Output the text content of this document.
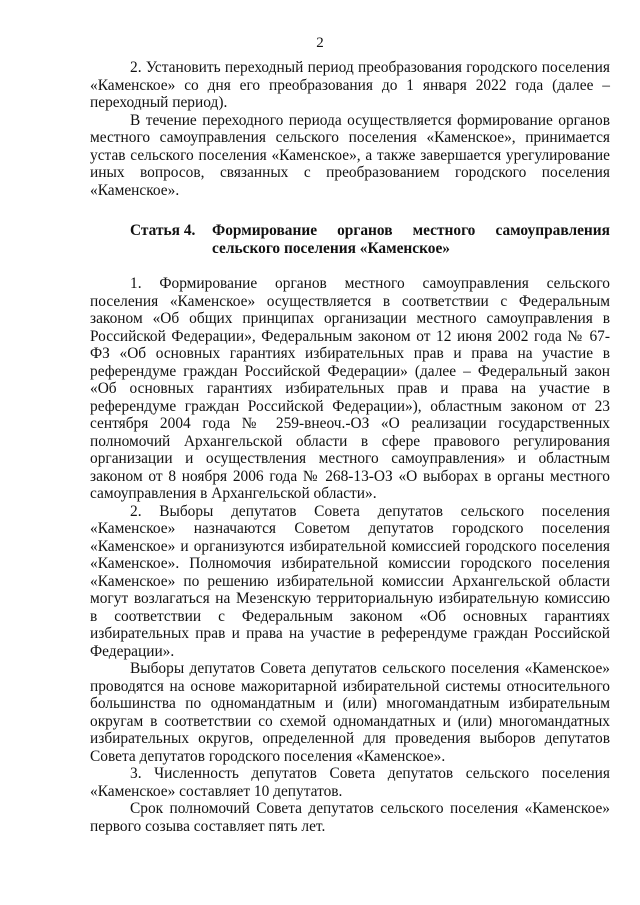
2

2. Установить переходный период преобразования городского поселения «Каменское» со дня его преобразования до 1 января 2022 года (далее – переходный период).

В течение переходного периода осуществляется формирование органов местного самоуправления сельского поселения «Каменское», принимается устав сельского поселения «Каменское», а также завершается урегулирование иных вопросов, связанных с преобразованием городского поселения «Каменское».

Статья 4.	Формирование органов местного самоуправления сельского поселения «Каменское»

1. Формирование органов местного самоуправления сельского поселения «Каменское» осуществляется в соответствии с Федеральным законом «Об общих принципах организации местного самоуправления в Российской Федерации», Федеральным законом от 12 июня 2002 года № 67-ФЗ «Об основных гарантиях избирательных прав и права на участие в референдуме граждан Российской Федерации» (далее – Федеральный закон «Об основных гарантиях избирательных прав и права на участие в референдуме граждан Российской Федерации»), областным законом от 23 сентября 2004 года № 259-внеоч.-ОЗ «О реализации государственных полномочий Архангельской области в сфере правового регулирования организации и осуществления местного самоуправления» и областным законом от 8 ноября 2006 года № 268-13-ОЗ «О выборах в органы местного самоуправления в Архангельской области».

2. Выборы депутатов Совета депутатов сельского поселения «Каменское» назначаются Советом депутатов городского поселения «Каменское» и организуются избирательной комиссией городского поселения «Каменское». Полномочия избирательной комиссии городского поселения «Каменское» по решению избирательной комиссии Архангельской области могут возлагаться на Мезенскую территориальную избирательную комиссию в соответствии с Федеральным законом «Об основных гарантиях избирательных прав и права на участие в референдуме граждан Российской Федерации».

Выборы депутатов Совета депутатов сельского поселения «Каменское» проводятся на основе мажоритарной избирательной системы относительного большинства по одномандатным и (или) многомандатным избирательным округам в соответствии со схемой одномандатных и (или) многомандатных избирательных округов, определенной для проведения выборов депутатов Совета депутатов городского поселения «Каменское».

3. Численность депутатов Совета депутатов сельского поселения «Каменское» составляет 10 депутатов.

Срок полномочий Совета депутатов сельского поселения «Каменское» первого созыва составляет пять лет.
